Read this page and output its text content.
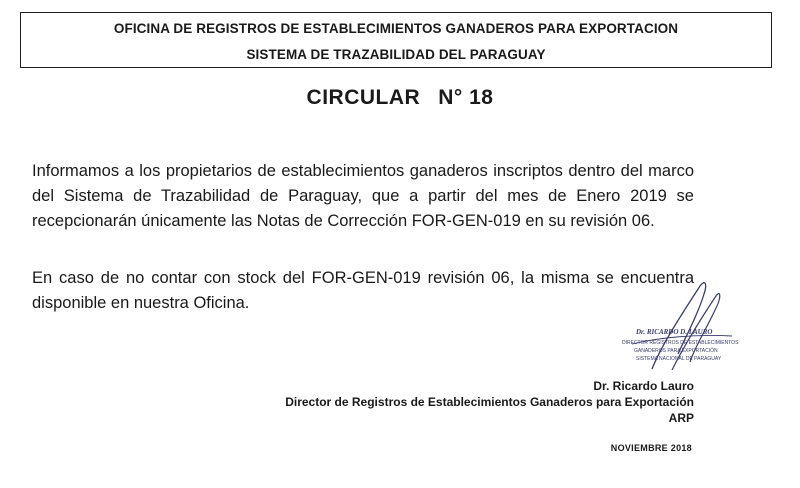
OFICINA DE REGISTROS DE ESTABLECIMIENTOS GANADEROS PARA EXPORTACION
SISTEMA DE TRAZABILIDAD DEL PARAGUAY
CIRCULAR N° 18
Informamos a los propietarios de establecimientos ganaderos inscriptos dentro del marco del Sistema de Trazabilidad de Paraguay, que a partir del mes de Enero 2019 se recepcionarán únicamente las Notas de Corrección FOR-GEN-019 en su revisión 06.
En caso de no contar con stock del FOR-GEN-019 revisión 06, la misma se encuentra disponible en nuestra Oficina.
Dr. RICARDO D. LAURO
DIRECTOR REGISTROS DE ESTABLECIMIENTOS
GANADEROS PARA EXPORTACIÓN
SISTEMA NACIONAL DE PARAGUAY
Dr. Ricardo Lauro
Director de Registros de Establecimientos Ganaderos para Exportación
ARP
NOVIEMBRE 2018
